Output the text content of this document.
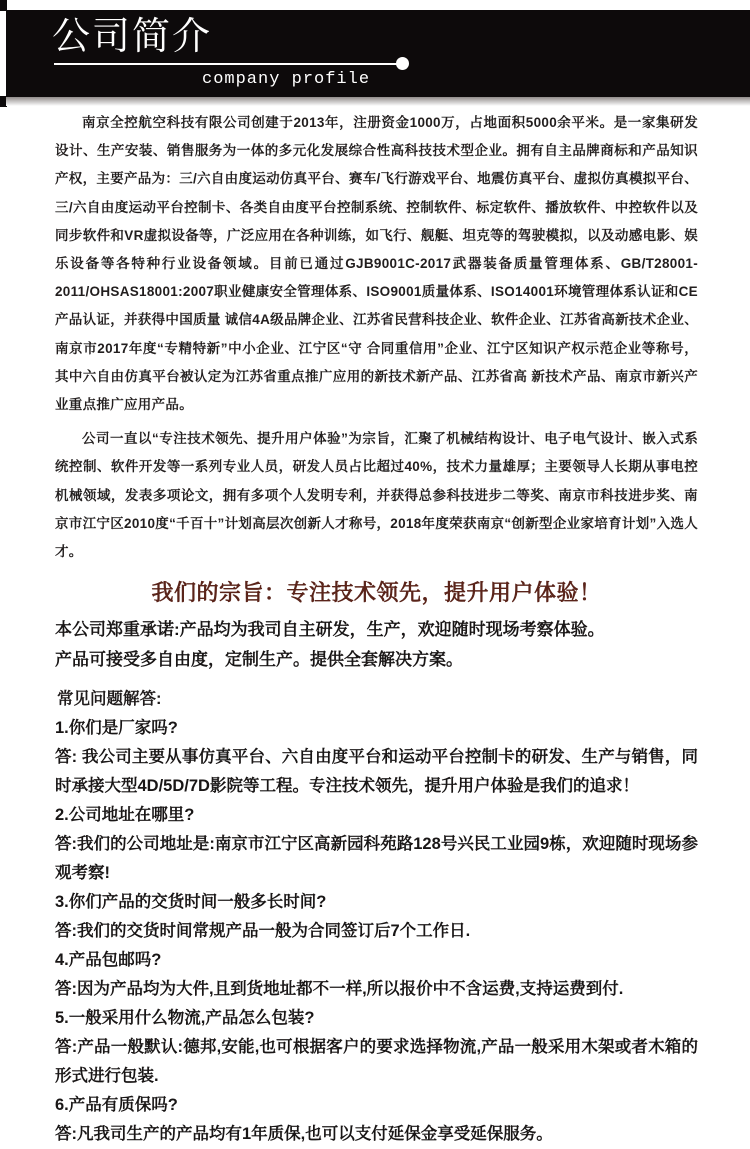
公司简介
company profile

南京全控航空科技有限公司创建于2013年，注册资金1000万，占地面积5000余平米。是一家集研发设计、生产安装、销售服务为一体的多元化发展综合性高科技技术型企业。拥有自主品牌商标和产品知识产权，主要产品为：三/六自由度运动仿真平台、赛车/飞行游戏平台、地震仿真平台、虚拟仿真模拟平台、三/六自由度运动平台控制卡、各类自由度平台控制系统、控制软件、标定软件、播放软件、中控软件以及同步软件和VR虚拟设备等，广泛应用在各种训练，如飞行、舰艇、坦克等的驾驶模拟，以及动感电影、娱乐设备等各特种行业设备领域。目前已通过GJB9001C-2017武器装备质量管理体系、GB/T28001-2011/OHSAS18001:2007职业健康安全管理体系、ISO9001质量体系、ISO14001环境管理体系认证和CE产品认证，并获得中国质量 诚信4A级品牌企业、江苏省民营科技企业、软件企业、江苏省高新技术企业、南京市2017年度“专精特新”中小企业、江宁区“守 合同重信用”企业、江宁区知识产权示范企业等称号，其中六自由仿真平台被认定为江苏省重点推广应用的新技术新产品、江苏省高 新技术产品、南京市新兴产业重点推广应用产品。

公司一直以“专注技术领先、提升用户体验”为宗旨，汇聚了机械结构设计、电子电气设计、嵌入式系统控制、软件开发等一系列专业人员，研发人员占比超过40%，技术力量雄厚；主要领导人长期从事电控机械领域，发表多项论文，拥有多项个人发明专利，并获得总参科技进步二等奖、南京市科技进步奖、南京市江宁区2010度“千百十”计划高层次创新人才称号，2018年度荣获南京“创新型企业家培育计划”入选人才。

我们的宗旨：专注技术领先，提升用户体验！

本公司郑重承诺:产品均为我司自主研发，生产，欢迎随时现场考察体验。

产品可接受多自由度，定制生产。提供全套解决方案。

常见问题解答:
1.你们是厂家吗?
答: 我公司主要从事仿真平台、六自由度平台和运动平台控制卡的研发、生产与销售，同时承接大型4D/5D/7D影院等工程。专注技术领先，提升用户体验是我们的追求！
2.公司地址在哪里?
答:我们的公司地址是:南京市江宁区高新园科苑路128号兴民工业园9栋，欢迎随时现场参观考察!
3.你们产品的交货时间一般多长时间?
答:我们的交货时间常规产品一般为合同签订后7个工作日.
4.产品包邮吗?
答:因为产品均为大件,且到货地址都不一样,所以报价中不含运费,支持运费到付.
5.一般采用什么物流,产品怎么包装?
答:产品一般默认:德邦,安能,也可根据客户的要求选择物流,产品一般采用木架或者木箱的形式进行包装.
6.产品有质保吗?
答:凡我司生产的产品均有1年质保,也可以支付延保金享受延保服务。
